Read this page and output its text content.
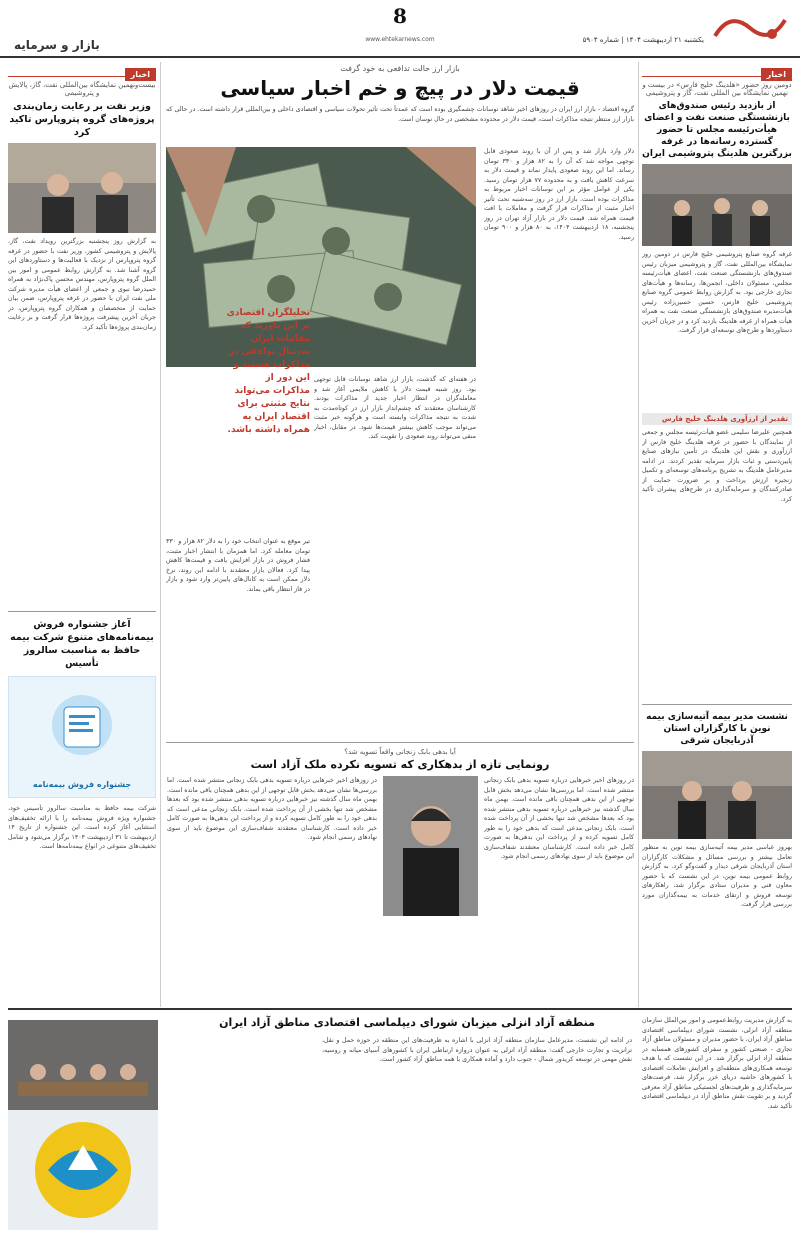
یکشنبه ۲۱ اردیبهشت ۱۴۰۴ | شماره ۵۹۰۴
8
www.ehtekarnews.com
بازار و سرمایه
اخبار
دومین روز حضور «هلدینگ خلیج فارس» در بیست و نهمین نمایشگاه بین المللی نفت، گاز و پتروشیمی
از بازدید رئیس صندوق‌های بازنشستگی صنعت نفت و اعضای هیأت‌رئیسه مجلس تا حضور گسترده رسانه‌ها در غرفه بزرگترین هلدینگ پتروشیمی ایران
غرفه گروه صنایع پتروشیمی خلیج فارس در دومین روز نمایشگاه بین‌المللی نفت، گاز و پتروشیمی میزبان رئیس صندوق‌های بازنشستگی صنعت نفت، اعضای هیأت‌رئیسه مجلس، مسئولان داخلی، انجمن‌ها، رسانه‌ها و هیأت‌های تجاری خارجی بود. به گزارش روابط عمومی گروه صنایع پتروشیمی خلیج فارس، حسین حسین‌زاده رئیس هیأت‌مدیره صندوق‌های بازنشستگی صنعت نفت به همراه هیأت همراه از غرفه هلدینگ بازدید کرد و در جریان آخرین دستاوردها و طرح‌های توسعه‌ای قرار گرفت.
تقدیر از ارزآوری هلدینگ خلیج فارس
همچنین علیرضا سلیمی عضو هیأت‌رئیسه مجلس و جمعی از نمایندگان با حضور در غرفه هلدینگ خلیج فارس از ارزآوری و نقش این هلدینگ در تأمین نیازهای صنایع پایین‌دستی و ثبات بازار سرمایه تقدیر کردند. در ادامه مدیرعامل هلدینگ به تشریح برنامه‌های توسعه‌ای و تکمیل زنجیره ارزش پرداخت و بر ضرورت حمایت از صادرکنندگان و سرمایه‌گذاری در طرح‌های پیشران تأکید کرد.
نشست مدیر بیمه آتیه‌سازی بیمه نوین با کارگزاران استان آذربایجان شرقی
بهروز عباسی مدیر بیمه آتیه‌سازی بیمه نوین به منظور تعامل بیشتر و بررسی مسائل و مشکلات کارگزاران استان آذربایجان شرقی دیدار و گفت‌وگو کرد. به گزارش روابط عمومی بیمه نوین، در این نشست که با حضور معاون فنی و مدیران ستادی برگزار شد، راهکارهای توسعه فروش و ارتقای خدمات به بیمه‌گذاران مورد بررسی قرار گرفت.
اخبار
بیست‌و‌نهمین نمایشگاه بین‌المللی نفت، گاز، پالایش و پتروشیمی
وزیر نفت بر رعایت زمان‌بندی پروژه‌های گروه پتروپارس تاکید کرد
به گزارش روز پنجشنبه بزرگترین رویداد نفت، گاز، پالایش و پتروشیمی کشور، وزیر نفت با حضور در غرفه گروه پتروپارس از نزدیک با فعالیت‌ها و دستاوردهای این گروه آشنا شد. به گزارش روابط عمومی و امور بین الملل گروه پتروپارس، مهندس محسن پاک‌نژاد به همراه حمیدرضا نبوی و جمعی از اعضای هیأت مدیره شرکت ملی نفت ایران با حضور در غرفه پتروپارس، ضمن بیان حمایت از متخصصان و همکاران گروه پتروپارس، در جریان آخرین پیشرفت پروژه‌ها قرار گرفت و بر رعایت زمان‌بندی پروژه‌ها تأکید کرد.
آغاز جشنواره فروش بیمه‌نامه‌های متنوع شرکت بیمه حافظ به مناسبت سالروز تأسیس
جشنواره فروش بیمه‌نامه
شرکت بیمه حافظ به مناسبت سالروز تأسیس خود، جشنواره ویژه فروش بیمه‌نامه را با ارائه تخفیف‌های استثنایی آغاز کرده است. این جشنواره از تاریخ ۱۴ اردیبهشت تا ۳۱ اردیبهشت ۱۴۰۴ برگزار می‌شود و شامل تخفیف‌های متنوعی در انواع بیمه‌نامه‌ها است.
بازار ارز حالت تدافعی به خود گرفت
قیمت دلار در پیچ و خم اخبار سیاسی
گروه اقتصاد - بازار ارز ایران در روزهای اخیر شاهد نوسانات چشمگیری بوده است که عمدتاً تحت تأثیر تحولات سیاسی و اقتصادی داخلی و بین‌المللی قرار داشته است. در حالی که بازار ارز منتظر نتیجه مذاکرات است، قیمت دلار در محدوده مشخصی در حال نوسان است.
دلار وارد بازار شد و پس از آن با روند صعودی قابل توجهی مواجه شد که آن را به ۸۲ هزار و ۳۳۰ تومان رساند. اما این روند صعودی پایدار نماند و قیمت دلار به سرعت کاهش یافت و به محدوده ۷۷ هزار تومان رسید. یکی از عوامل مؤثر بر این نوسانات اخبار مربوط به مذاکرات بوده است. بازار ارز در روز سه‌شنبه تحت تأثیر اخبار مثبت از مذاکرات قرار گرفت و معاملات با افت قیمت همراه شد. قیمت دلار در بازار آزاد تهران در روز پنجشنبه، ۱۸ اردیبهشت ۱۴۰۴، به ۸۰ هزار و ۹۰۰ تومان رسید.
تحلیلگران اقتصادی بر این باورند که مقامات ایران به‌دنبال توافقی در مذاکرات هستند و این دور از مذاکرات می‌تواند نتایج مثبتی برای اقتصاد ایران به همراه داشته باشد.
در هفته‌ای که گذشت، بازار ارز شاهد نوسانات قابل توجهی بود. روز شنبه قیمت دلار با کاهش ملایمی آغاز شد و معامله‌گران در انتظار اخبار جدید از مذاکرات بودند. کارشناسان معتقدند که چشم‌انداز بازار ارز در کوتاه‌مدت به شدت به نتیجه مذاکرات وابسته است و هرگونه خبر مثبت می‌تواند موجب کاهش بیشتر قیمت‌ها شود. در مقابل، اخبار منفی می‌تواند روند صعودی را تقویت کند.
تیر موقع به عنوان انتخاب خود را به دلار ۸۲ هزار و ۳۳۰ تومان معامله کرد. اما همزمان با انتشار اخبار مثبت، فشار فروش در بازار افزایش یافت و قیمت‌ها کاهش پیدا کرد. فعالان بازار معتقدند با ادامه این روند، نرخ دلار ممکن است به کانال‌های پایین‌تر وارد شود و بازار در فاز انتظار باقی بماند.
آیا بدهی بابک زنجانی واقعاً تسویه شد؟
رونمایی تازه از بدهکاری که تسویه نکرده ملک آزاد است
در روزهای اخیر خبرهایی درباره تسویه بدهی بابک زنجانی منتشر شده است. اما بررسی‌ها نشان می‌دهد بخش قابل توجهی از این بدهی همچنان باقی مانده است. بهمن ماه سال گذشته نیز خبرهایی درباره تسویه بدهی منتشر شده بود که بعدها مشخص شد تنها بخشی از آن پرداخت شده است. بابک زنجانی مدعی است که بدهی خود را به طور کامل تسویه کرده و از پرداخت این بدهی‌ها به صورت کامل خبر داده است. کارشناسان معتقدند شفاف‌سازی این موضوع باید از سوی نهادهای رسمی انجام شود.
در روزهای اخیر خبرهایی درباره تسویه بدهی بابک زنجانی منتشر شده است. اما بررسی‌ها نشان می‌دهد بخش قابل توجهی از این بدهی همچنان باقی مانده است. بهمن ماه سال گذشته نیز خبرهایی درباره تسویه بدهی منتشر شده بود که بعدها مشخص شد تنها بخشی از آن پرداخت شده است. بابک زنجانی مدعی است که بدهی خود را به طور کامل تسویه کرده و از پرداخت این بدهی‌ها به صورت کامل خبر داده است. کارشناسان معتقدند شفاف‌سازی این موضوع باید از سوی نهادهای رسمی انجام شود.
منطقه آزاد انزلی میزبان شورای دیپلماسی اقتصادی مناطق آزاد ایران	به گزارش مدیریت روابط‌عمومی و امور بین‌الملل سازمان منطقه آزاد انزلی، نشست شورای دیپلماسی اقتصادی مناطق آزاد ایران، با حضور مدیران و مسئولان مناطق آزاد تجاری - صنعتی کشور و سفرای کشورهای همسایه در منطقه آزاد انزلی برگزار شد. در این نشست که با هدف توسعه همکاری‌های منطقه‌ای و افزایش تعاملات اقتصادی با کشورهای حاشیه دریای خزر برگزار شد، فرصت‌های سرمایه‌گذاری و ظرفیت‌های لجستیکی مناطق آزاد معرفی گردید و بر تقویت نقش مناطق آزاد در دیپلماسی اقتصادی تأکید شد.
در ادامه این نشست، مدیرعامل سازمان منطقه آزاد انزلی با اشاره به ظرفیت‌های این منطقه در حوزه حمل و نقل، ترانزیت و تجارت خارجی گفت: منطقه آزاد انزلی به عنوان دروازه ارتباطی ایران با کشورهای آسیای میانه و روسیه، نقش مهمی در توسعه کریدور شمال - جنوب دارد و آماده همکاری با همه مناطق آزاد کشور است.
